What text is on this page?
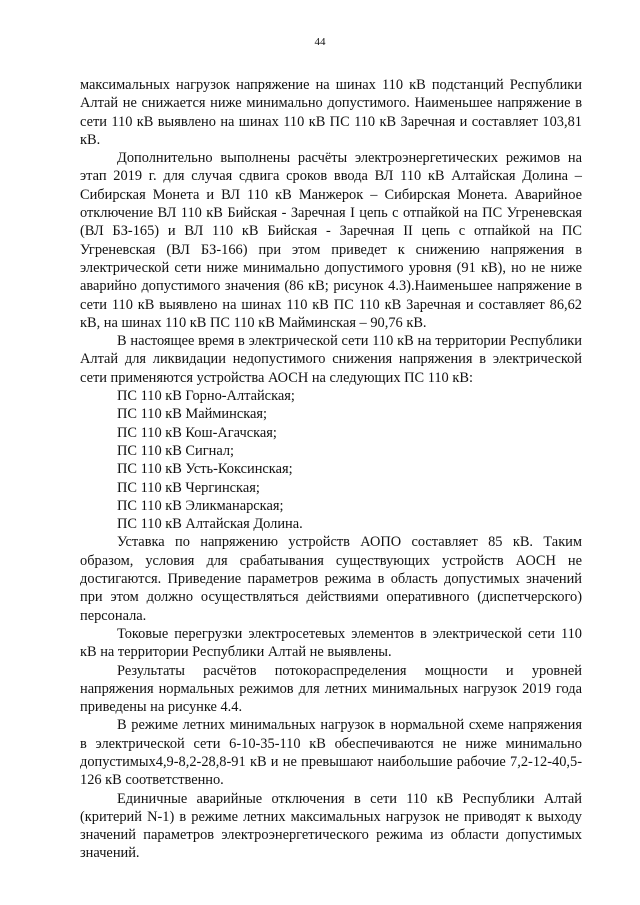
44

максимальных нагрузок напряжение на шинах 110 кВ подстанций Республики Алтай не снижается ниже минимально допустимого. Наименьшее напряжение в сети 110 кВ выявлено на шинах 110 кВ ПС 110 кВ Заречная и составляет 103,81 кВ.

Дополнительно выполнены расчёты электроэнергетических режимов на этап 2019 г. для случая сдвига сроков ввода ВЛ 110 кВ Алтайская Долина – Сибирская Монета и ВЛ 110 кВ Манжерок – Сибирская Монета. Аварийное отключение ВЛ 110 кВ Бийская - Заречная I цепь с отпайкой на ПС Угреневская (ВЛ БЗ-165) и ВЛ 110 кВ Бийская - Заречная II цепь с отпайкой на ПС Угреневская (ВЛ БЗ-166) при этом приведет к снижению напряжения в электрической сети ниже минимально допустимого уровня (91 кВ), но не ниже аварийно допустимого значения (86 кВ; рисунок 4.3).Наименьшее напряжение в сети 110 кВ выявлено на шинах 110 кВ ПС 110 кВ Заречная и составляет 86,62 кВ, на шинах 110 кВ ПС 110 кВ Майминская – 90,76 кВ.

В настоящее время в электрической сети 110 кВ на территории Республики Алтай для ликвидации недопустимого снижения напряжения в электрической сети применяются устройства АОСН на следующих ПС 110 кВ:

ПС 110 кВ Горно-Алтайская;
ПС 110 кВ Майминская;
ПС 110 кВ Кош-Агачская;
ПС 110 кВ Сигнал;
ПС 110 кВ Усть-Коксинская;
ПС 110 кВ Чергинская;
ПС 110 кВ Эликманарская;
ПС 110 кВ Алтайская Долина.

Уставка по напряжению устройств АОПО составляет 85 кВ. Таким образом, условия для срабатывания существующих устройств АОСН не достигаются. Приведение параметров режима в область допустимых значений при этом должно осуществляться действиями оперативного (диспетчерского) персонала.

Токовые перегрузки электросетевых элементов в электрической сети 110 кВ на территории Республики Алтай не выявлены.

Результаты расчётов потокораспределения мощности и уровней напряжения нормальных режимов для летних минимальных нагрузок 2019 года приведены на рисунке 4.4.

В режиме летних минимальных нагрузок в нормальной схеме напряжения в электрической сети 6-10-35-110 кВ обеспечиваются не ниже минимально допустимых4,9-8,2-28,8-91 кВ и не превышают наибольшие рабочие 7,2-12-40,5-126 кВ соответственно.

Единичные аварийные отключения в сети 110 кВ Республики Алтай (критерий N-1) в режиме летних максимальных нагрузок не приводят к выходу значений параметров электроэнергетического режима из области допустимых значений.
